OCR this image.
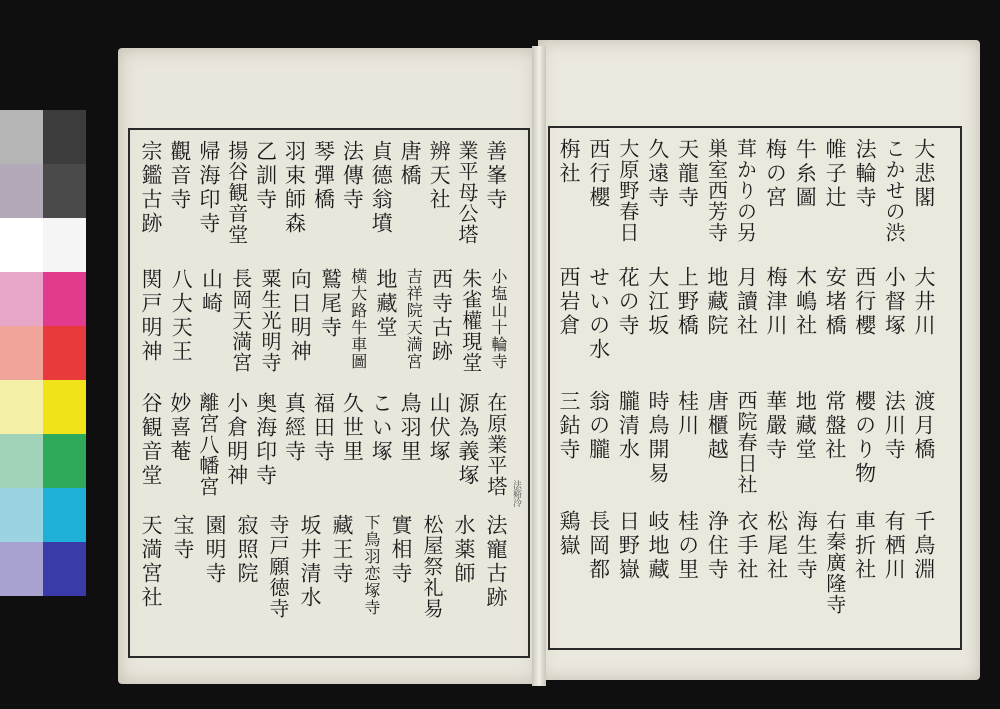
法谿泠
大悲閣
こかせの渋
法輪寺
帷子辻
牛糸圖
梅の宮
茸かりの另
巣室西芳寺
天龍寺
久遠寺
大原野春日
西行櫻
栴社
大井川
小督塚
西行櫻
安堵橋
木嶋社
梅津川
月讀社
地藏院
上野橋
大江坂
花の寺
せいの水
西岩倉
渡月橋
法川寺
櫻のり物
常盤社
地藏堂
華嚴寺
西院春日社
唐櫃越
桂川
時鳥開易
朧清水
翁の朧
三鈷寺
千鳥淵
有栖川
車折社
右秦廣隆寺
海生寺
松尾社
衣手社
浄住寺
桂の里
岐地藏
日野嶽
長岡都
鶏嶽
善峯寺
業平母公塔
辨天社
唐橋
貞德翁墳
法傳寺
琴彈橋
羽束師森
乙訓寺
揚谷観音堂
帰海印寺
觀音寺
宗鑑古跡
小塩山十輪寺
朱雀權現堂
西寺古跡
吉祥院天満宮
地藏堂
横大路牛車圖
鷲尾寺
向日明神
粟生光明寺
長岡天満宮
山崎
八大天王
関戸明神
在原業平塔
源為義塚
山伏塚
鳥羽里
こい塚
久世里
福田寺
真經寺
奥海印寺
小倉明神
離宮八幡宮
妙喜菴
谷観音堂
法寵古跡
水薬師
松屋祭礼易
實相寺
下鳥羽恋塚寺
藏王寺
坂井清水
寺戸願徳寺
寂照院
園明寺
宝寺
天満宮社
